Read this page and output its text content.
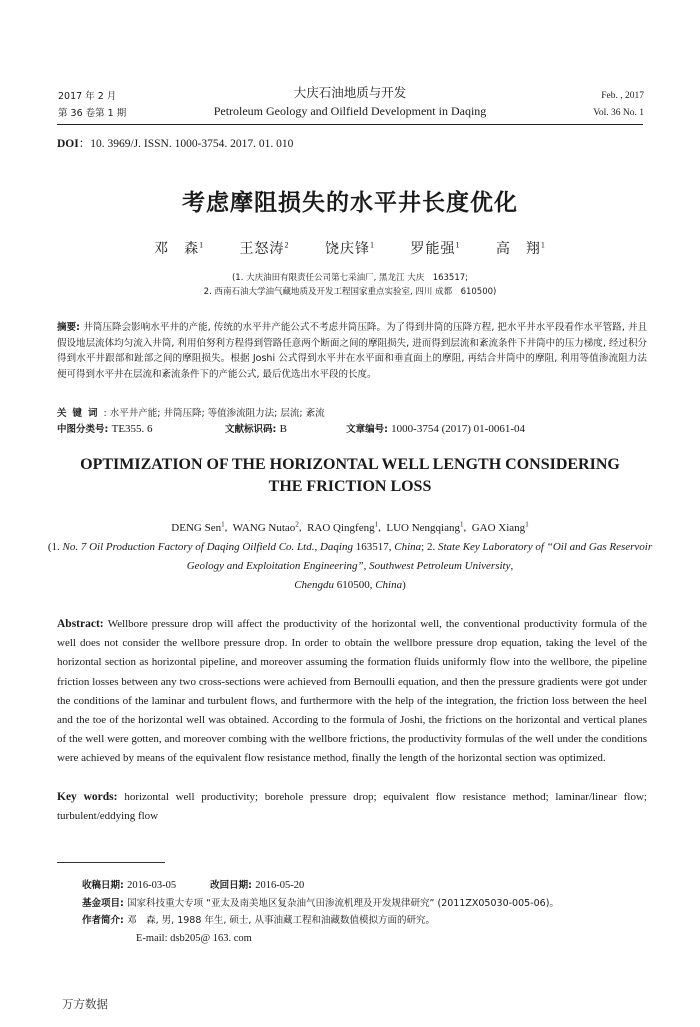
2017 年 2 月
第 36 卷第 1 期
大庆石油地质与开发
Petroleum Geology and Oilfield Development in Daqing
Feb. , 2017
Vol. 36 No. 1
DOI：10. 3969/J. ISSN. 1000-3754. 2017. 01. 010
考虑摩阻损失的水平井长度优化
邓　森$^1$	王怒涛$^2$	饶庆锋$^1$	罗能强$^1$	高　翔$^1$
(1. 大庆油田有限责任公司第七采油厂, 黑龙江 大庆　163517;
2. 西南石油大学油气藏地质及开发工程国家重点实验室, 四川 成都　610500)
摘要: 井筒压降会影响水平井的产能, 传统的水平井产能公式不考虑井筒压降。为了得到井筒的压降方程, 把水平井水平段看作水平管路, 并且假设地层流体均匀流入井筒, 利用伯努利方程得到管路任意两个断面之间的摩阻损失, 进而得到层流和紊流条件下井筒中的压力梯度, 经过积分得到水平井跟部和趾部之间的摩阻损失。根据 Joshi 公式得到水平井在水平面和垂直面上的摩阻, 再结合井筒中的摩阻, 利用等值渗流阻力法便可得到水平井在层流和紊流条件下的产能公式, 最后优选出水平段的长度。
关键词: 水平井产能; 井筒压降; 等值渗流阻力法; 层流; 紊流
中图分类号: TE355. 6	文献标识码: B	文章编号: 1000-3754 (2017) 01-0061-04
OPTIMIZATION OF THE HORIZONTAL WELL LENGTH CONSIDERING
THE FRICTION LOSS
DENG Sen$^1$,  WANG Nutao$^2$,  RAO Qingfeng$^1$,  LUO Nengqiang$^1$,  GAO Xiang$^1$
(1. No. 7 Oil Production Factory of Daqing Oilfield Co. Ltd., Daqing 163517, China; 2. State Key Laboratory of “Oil and Gas Reservoir Geology and Exploitation Engineering”, Southwest Petroleum University,
Chengdu 610500, China)
Abstract: Wellbore pressure drop will affect the productivity of the horizontal well, the conventional productivity formula of the well does not consider the wellbore pressure drop. In order to obtain the wellbore pressure drop equation, taking the level of the horizontal section as horizontal pipeline, and moreover assuming the formation fluids uniformly flow into the wellbore, the pipeline friction losses between any two cross-sections were achieved from Bernoulli equation, and then the pressure gradients were got under the conditions of the laminar and turbulent flows, and furthermore with the help of the integration, the friction loss between the heel and the toe of the horizontal well was obtained. According to the formula of Joshi, the frictions on the horizontal and vertical planes of the well were gotten, and moreover combing with the wellbore frictions, the productivity formulas of the well under the conditions were achieved by means of the equivalent flow resistance method, finally the length of the horizontal section was optimized.
Key words: horizontal well productivity; borehole pressure drop; equivalent flow resistance method; laminar/linear flow; turbulent/eddying flow
收稿日期: 2016-03-05	改回日期: 2016-05-20
基金项目: 国家科技重大专项 “亚太及南美地区复杂油气田渗流机理及开发规律研究” (2011ZX05030-005-06)。
作者简介: 邓　森, 男, 1988 年生, 硕士, 从事油藏工程和油藏数值模拟方面的研究。
E-mail: dsb205@ 163. com
万方数据
